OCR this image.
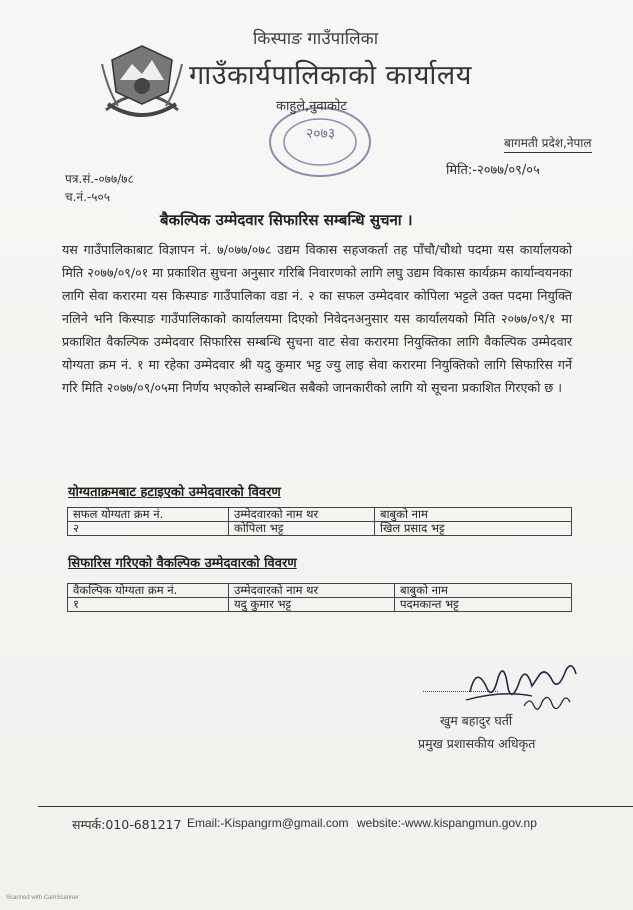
किस्पाङ गाउँपालिका
गाउँकार्यपालिकाको कार्यालय
२०७३
काहुले,नुवाकोट
बागमती प्रदेश,नेपाल
मिति:-२०७७/०९/०५
पत्र.सं.-०७७/७८
च.नं.-५०५
बैकल्पिक उम्मेदवार सिफारिस सम्बन्धि सुचना ।
यस गाउँपालिकाबाट विज्ञापन नं. ७/०७७/०७८ उद्यम विकास सहजकर्ता तह पाँचौ/चौथो पदमा यस कार्यालयको मिति २०७७/०९/०१ मा प्रकाशित सुचना अनुसार गरिबि निवारणको लागि लघु उद्यम विकास कार्यक्रम कार्यान्वयनका लागि सेवा करारमा यस किस्पाङ गाउँपालिका वडा नं. २ का सफल उम्मेदवार कोपिला भट्टले उक्त पदमा नियुक्ति नलिने भनि किस्पाङ गाउँपालिकाको कार्यालयमा दिएको निवेदनअनुसार यस कार्यालयको मिति २०७७/०९/१ मा प्रकाशित वैकल्पिक उम्मेदवार सिफारिस सम्बन्धि सुचना वाट सेवा करारमा नियुक्तिका लागि वैकल्पिक उम्मेदवार योग्यता क्रम नं. १ मा रहेका उम्मेदवार श्री यदु कुमार भट्ट ज्यु लाइ सेवा करारमा नियुक्तिको लागि सिफारिस गर्ने गरि मिति २०७७/०९/०५मा निर्णय भएकोले सम्बन्धित सबैको जानकारीको लागि यो सूचना प्रकाशित गिरएको छ ।
योग्यताक्रमबाट हटाइएको उम्मेदवारको विवरण
सफल योग्यता क्रम नं.	उम्मेदवारको नाम थर	बाबुको नाम
२	कोपिला भट्ट	खिल प्रसाद भट्ट
सिफारिस गरिएको वैकल्पिक उम्मेदवारको विवरण
वैकल्पिक योग्यता क्रम नं.	उम्मेदवारको नाम थर	बाबुको नाम
१	यदु कुमार भट्ट	पदमकान्त भट्ट
खुम बहादुर घर्ती
प्रमुख प्रशासकीय अधिकृत
सम्पर्क:010-681217 Email:-Kispangrm@gmail.com website:-www.kispangmun.gov.np
Scanned with CamScanner
